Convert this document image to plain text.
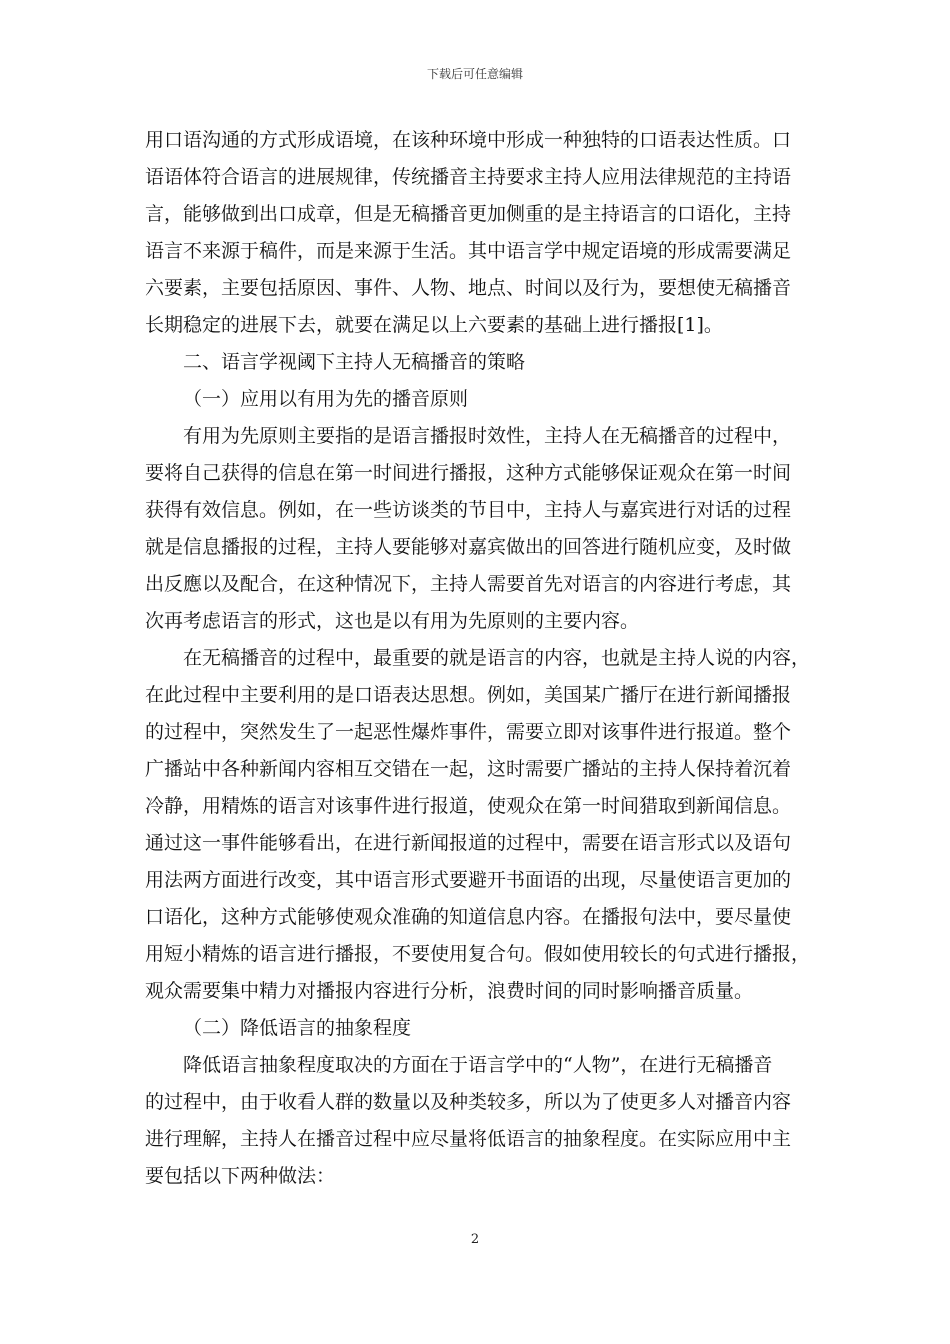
下载后可任意编辑
用口语沟通的方式形成语境，在该种环境中形成一种独特的口语表达性质。口
语语体符合语言的进展规律，传统播音主持要求主持人应用法律规范的主持语
言，能够做到出口成章，但是无稿播音更加侧重的是主持语言的口语化，主持
语言不来源于稿件，而是来源于生活。其中语言学中规定语境的形成需要满足
六要素，主要包括原因、事件、人物、地点、时间以及行为，要想使无稿播音
长期稳定的进展下去，就要在满足以上六要素的基础上进行播报[1]。
二、语言学视阈下主持人无稿播音的策略
（一）应用以有用为先的播音原则
有用为先原则主要指的是语言播报时效性，主持人在无稿播音的过程中，
要将自己获得的信息在第一时间进行播报，这种方式能够保证观众在第一时间
获得有效信息。例如，在一些访谈类的节目中，主持人与嘉宾进行对话的过程
就是信息播报的过程，主持人要能够对嘉宾做出的回答进行随机应变，及时做
出反應以及配合，在这种情况下，主持人需要首先对语言的内容进行考虑，其
次再考虑语言的形式，这也是以有用为先原则的主要内容。
在无稿播音的过程中，最重要的就是语言的内容，也就是主持人说的内容，
在此过程中主要利用的是口语表达思想。例如，美国某广播厅在进行新闻播报
的过程中，突然发生了一起恶性爆炸事件，需要立即对该事件进行报道。整个
广播站中各种新闻内容相互交错在一起，这时需要广播站的主持人保持着沉着
冷静，用精炼的语言对该事件进行报道，使观众在第一时间猎取到新闻信息。
通过这一事件能够看出，在进行新闻报道的过程中，需要在语言形式以及语句
用法两方面进行改变，其中语言形式要避开书面语的出现，尽量使语言更加的
口语化，这种方式能够使观众准确的知道信息内容。在播报句法中，要尽量使
用短小精炼的语言进行播报，不要使用复合句。假如使用较长的句式进行播报，
观众需要集中精力对播报内容进行分析，浪费时间的同时影响播音质量。
（二）降低语言的抽象程度
降低语言抽象程度取决的方面在于语言学中的“人物”，在进行无稿播音
的过程中，由于收看人群的数量以及种类较多，所以为了使更多人对播音内容
进行理解，主持人在播音过程中应尽量将低语言的抽象程度。在实际应用中主
要包括以下两种做法：
2
